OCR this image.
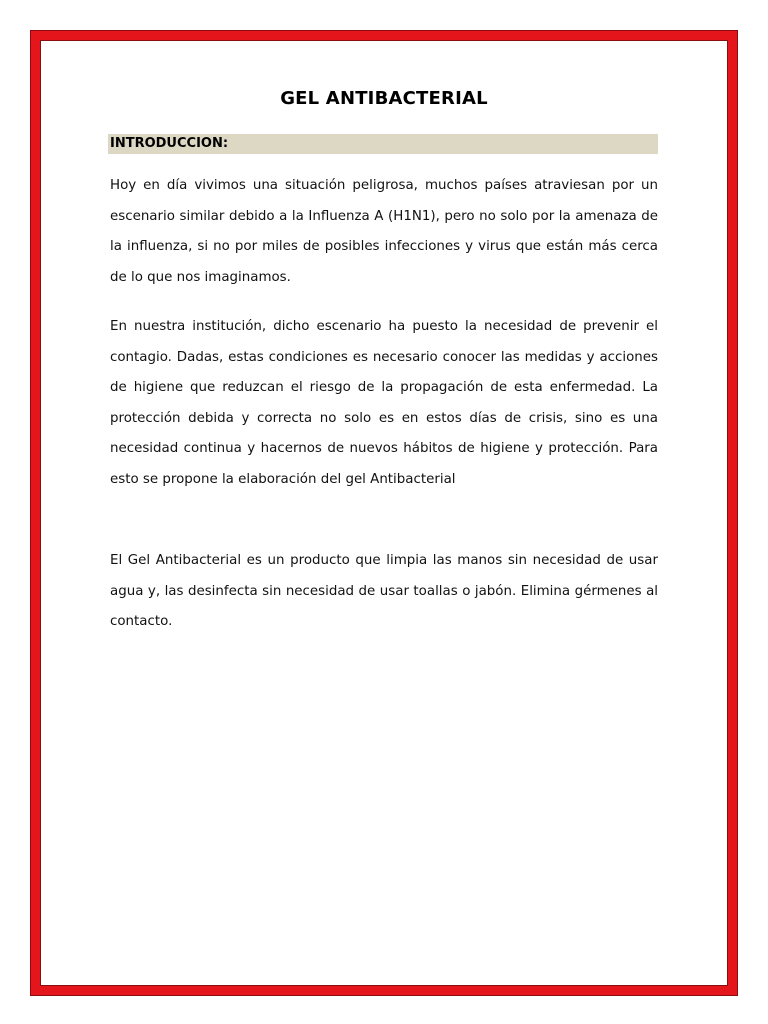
GEL ANTIBACTERIAL
INTRODUCCION:

Hoy en día vivimos una situación peligrosa, muchos países atraviesan por un escenario similar debido a la Influenza A (H1N1), pero no solo por la amenaza de la influenza, si no por miles de posibles infecciones y virus que están más cerca de lo que nos imaginamos.

En nuestra institución, dicho escenario ha puesto la necesidad de prevenir el contagio. Dadas, estas condiciones es necesario conocer las medidas y acciones de higiene que reduzcan el riesgo de la propagación de esta enfermedad. La protección debida y correcta no solo es en estos días de crisis, sino es una necesidad continua y hacernos de nuevos hábitos de higiene y protección. Para esto se propone la elaboración del gel Antibacterial

El Gel Antibacterial es un producto que limpia las manos sin necesidad de usar agua y, las desinfecta sin necesidad de usar toallas o jabón. Elimina gérmenes al contacto.
